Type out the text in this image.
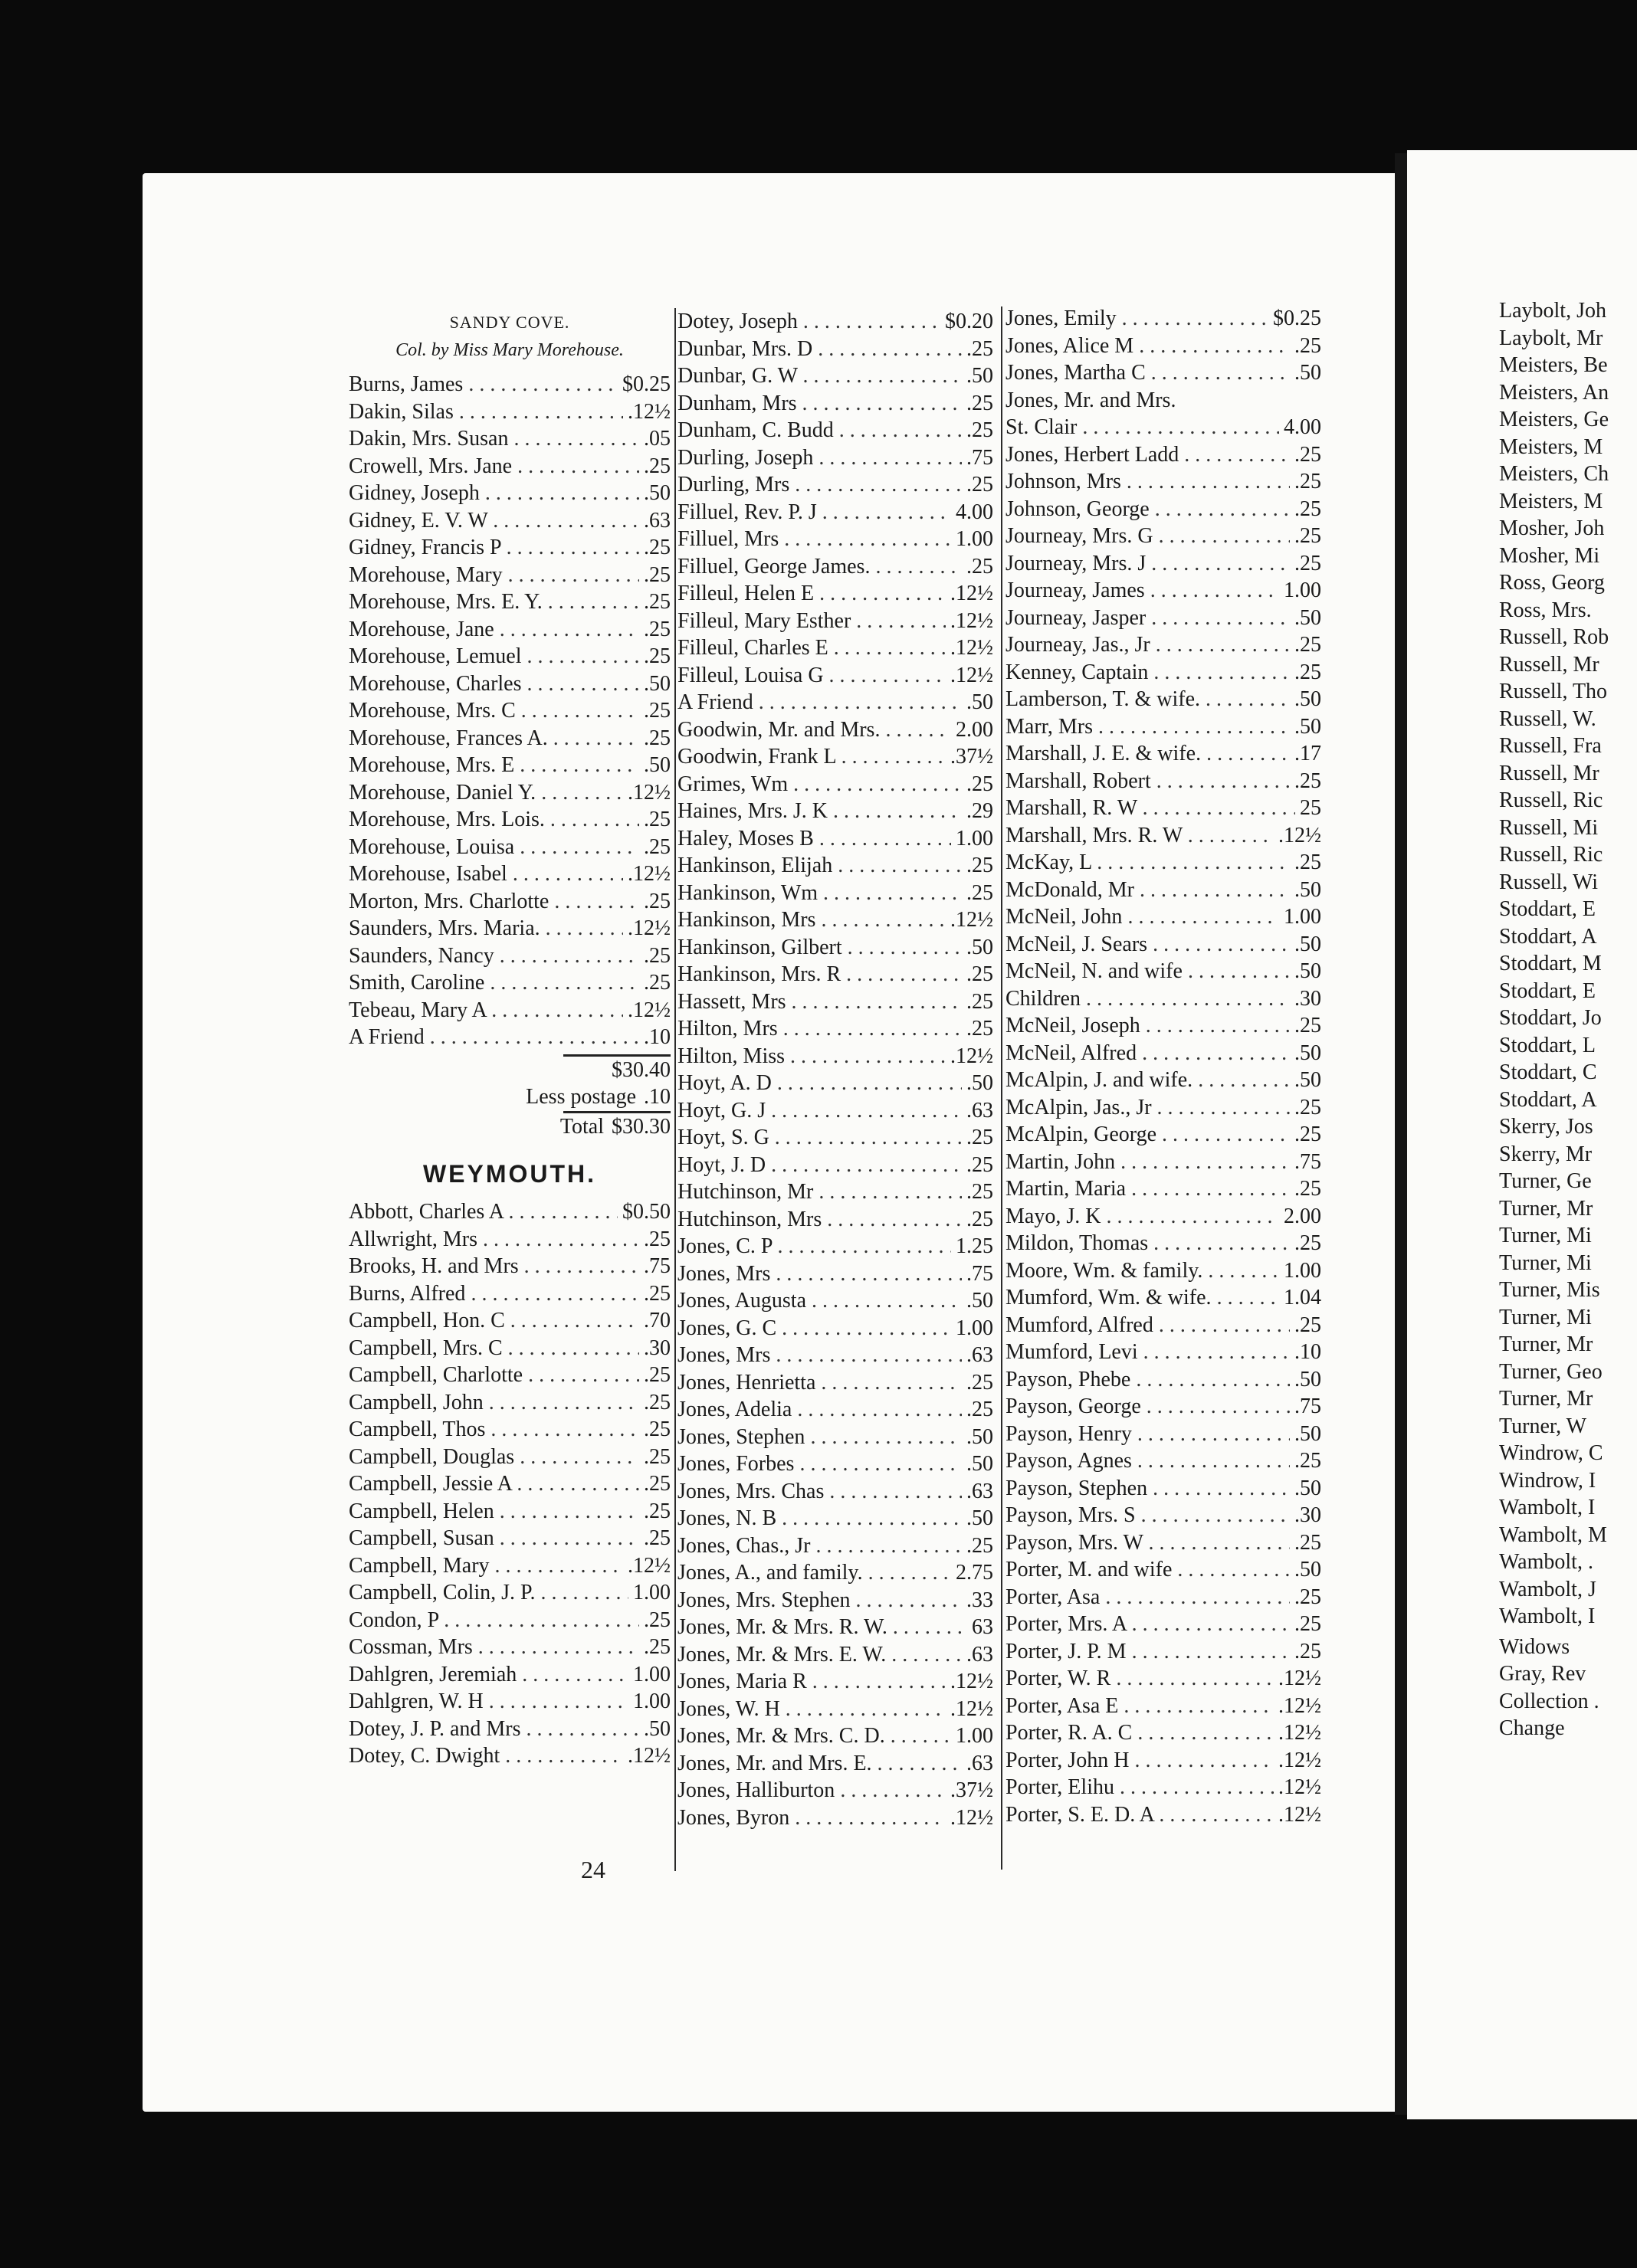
SANDY COVE.
Col. by Miss Mary Morehouse.
Burns, James . . .	$0.25
Dakin, Silas . . .	.12½
Dakin, Mrs. Susan . . .	.05
Crowell, Mrs. Jane . . .	.25
Gidney, Joseph . . .	.50
Gidney, E. V. W . . .	.63
Gidney, Francis P . . .	.25
Morehouse, Mary . . .	.25
Morehouse, Mrs. E. Y. . . .	.25
Morehouse, Jane . . .	.25
Morehouse, Lemuel . . .	.25
Morehouse, Charles . . .	.50
Morehouse, Mrs. C . . .	.25
Morehouse, Frances A. . . .	.25
Morehouse, Mrs. E . . .	.50
Morehouse, Daniel Y. . . .	.12½
Morehouse, Mrs. Lois. . . .	.25
Morehouse, Louisa . . .	.25
Morehouse, Isabel . . .	.12½
Morton, Mrs. Charlotte . . .	.25
Saunders, Mrs. Maria. . . .	.12½
Saunders, Nancy . . .	.25
Smith, Caroline . . .	.25
Tebeau, Mary A . . .	.12½
A Friend . . .	.10
$30.40
Less postage .10
Total $30.30
WEYMOUTH.
Abbott, Charles A . . .	$0.50
Allwright, Mrs . . .	.25
Brooks, H. and Mrs . . .	.75
Burns, Alfred . . .	.25
Campbell, Hon. C . . .	.70
Campbell, Mrs. C . . .	.30
Campbell, Charlotte . . .	.25
Campbell, John . . .	.25
Campbell, Thos . . .	.25
Campbell, Douglas . . .	.25
Campbell, Jessie A . . .	.25
Campbell, Helen . . .	.25
Campbell, Susan . . .	.25
Campbell, Mary . . .	.12½
Campbell, Colin, J. P. . . .	1.00
Condon, P . . .	.25
Cossman, Mrs . . .	.25
Dahlgren, Jeremiah . . .	1.00
Dahlgren, W. H . . .	1.00
Dotey, J. P. and Mrs . . .	.50
Dotey, C. Dwight . . .	.12½
Dotey, Joseph . . .	$0.20
Dunbar, Mrs. D . . .	.25
Dunbar, G. W . . .	.50
Dunham, Mrs . . .	.25
Dunham, C. Budd . . .	.25
Durling, Joseph . . .	.75
Durling, Mrs . . .	.25
Filluel, Rev. P. J . . .	4.00
Filluel, Mrs . . .	1.00
Filluel, George James. . . .	.25
Filleul, Helen E . . .	.12½
Filleul, Mary Esther . . .	.12½
Filleul, Charles E . . .	.12½
Filleul, Louisa G . . .	.12½
A Friend . . .	.50
Goodwin, Mr. and Mrs. . . .	2.00
Goodwin, Frank L . . .	.37½
Grimes, Wm . . .	.25
Haines, Mrs. J. K . . .	.29
Haley, Moses B . . .	1.00
Hankinson, Elijah . . .	.25
Hankinson, Wm . . .	.25
Hankinson, Mrs . . .	.12½
Hankinson, Gilbert . . .	.50
Hankinson, Mrs. R . . .	.25
Hassett, Mrs . . .	.25
Hilton, Mrs . . .	.25
Hilton, Miss . . .	.12½
Hoyt, A. D . . .	.50
Hoyt, G. J . . .	.63
Hoyt, S. G . . .	.25
Hoyt, J. D . . .	.25
Hutchinson, Mr . . .	.25
Hutchinson, Mrs . . .	.25
Jones, C. P . . .	1.25
Jones, Mrs . . .	.75
Jones, Augusta . . .	.50
Jones, G. C . . .	1.00
Jones, Mrs . . .	.63
Jones, Henrietta . . .	.25
Jones, Adelia . . .	.25
Jones, Stephen . . .	.50
Jones, Forbes . . .	.50
Jones, Mrs. Chas . . .	.63
Jones, N. B . . .	.50
Jones, Chas., Jr . . .	.25
Jones, A., and family. . . .	2.75
Jones, Mrs. Stephen . . .	.33
Jones, Mr. & Mrs. R. W. . . .	63
Jones, Mr. & Mrs. E. W. . . .	.63
Jones, Maria R . . .	.12½
Jones, W. H . . .	.12½
Jones, Mr. & Mrs. C. D. . . .	1.00
Jones, Mr. and Mrs. E. . . .	.63
Jones, Halliburton . . .	.37½
Jones, Byron . . .	.12½
Jones, Emily . . .	$0.25
Jones, Alice M . . .	.25
Jones, Martha C . . .	.50
Jones, Mr. and Mrs.
St. Clair . . .	4.00
Jones, Herbert Ladd . . .	.25
Johnson, Mrs . . .	.25
Johnson, George . . .	.25
Journeay, Mrs. G . . .	.25
Journeay, Mrs. J . . .	.25
Journeay, James . . .	1.00
Journeay, Jasper . . .	.50
Journeay, Jas., Jr . . .	.25
Kenney, Captain . . .	.25
Lamberson, T. & wife. . . .	.50
Marr, Mrs . . .	.50
Marshall, J. E. & wife. . . .	.17
Marshall, Robert . . .	.25
Marshall, R. W . . .	25
Marshall, Mrs. R. W . . .	.12½
McKay, L . . .	.25
McDonald, Mr . . .	.50
McNeil, John . . .	1.00
McNeil, J. Sears . . .	.50
McNeil, N. and wife . . .	.50
Children . . .	.30
McNeil, Joseph . . .	.25
McNeil, Alfred . . .	.50
McAlpin, J. and wife. . . .	.50
McAlpin, Jas., Jr . . .	.25
McAlpin, George . . .	.25
Martin, John . . .	.75
Martin, Maria . . .	.25
Mayo, J. K . . .	2.00
Mildon, Thomas . . .	.25
Moore, Wm. & family. . . .	1.00
Mumford, Wm. & wife. . . .	1.04
Mumford, Alfred . . .	.25
Mumford, Levi . . .	.10
Payson, Phebe . . .	.50
Payson, George . . .	.75
Payson, Henry . . .	.50
Payson, Agnes . . .	.25
Payson, Stephen . . .	.50
Payson, Mrs. S . . .	.30
Payson, Mrs. W . . .	.25
Porter, M. and wife . . .	.50
Porter, Asa . . .	.25
Porter, Mrs. A . . .	.25
Porter, J. P. M . . .	.25
Porter, W. R . . .	.12½
Porter, Asa E . . .	.12½
Porter, R. A. C . . .	.12½
Porter, John H . . .	.12½
Porter, Elihu . . .	.12½
Porter, S. E. D. A . . .	.12½
Laybolt, Joh
Laybolt, Mr
Meisters, Be
Meisters, An
Meisters, Ge
Meisters, M
Meisters, Ch
Meisters, M
Mosher, Joh
Mosher, Mi
Ross, Georg
Ross, Mrs.
Russell, Rob
Russell, Mr
Russell, Tho
Russell, W.
Russell, Fra
Russell, Mr
Russell, Ric
Russell, Mi
Russell, Ric
Russell, Wi
Stoddart, E
Stoddart, A
Stoddart, M
Stoddart, E
Stoddart, Jo
Stoddart, L
Stoddart, C
Stoddart, A
Skerry, Jos
Skerry, Mr
Turner, Ge
Turner, Mr
Turner, Mi
Turner, Mi
Turner, Mis
Turner, Mi
Turner, Mr
Turner, Geo
Turner, Mr
Turner, W
Windrow, C
Windrow, I
Wambolt, I
Wambolt, M
Wambolt, .
Wambolt, J
Wambolt, I
Widows
Gray, Rev
Collection .
Change
24
